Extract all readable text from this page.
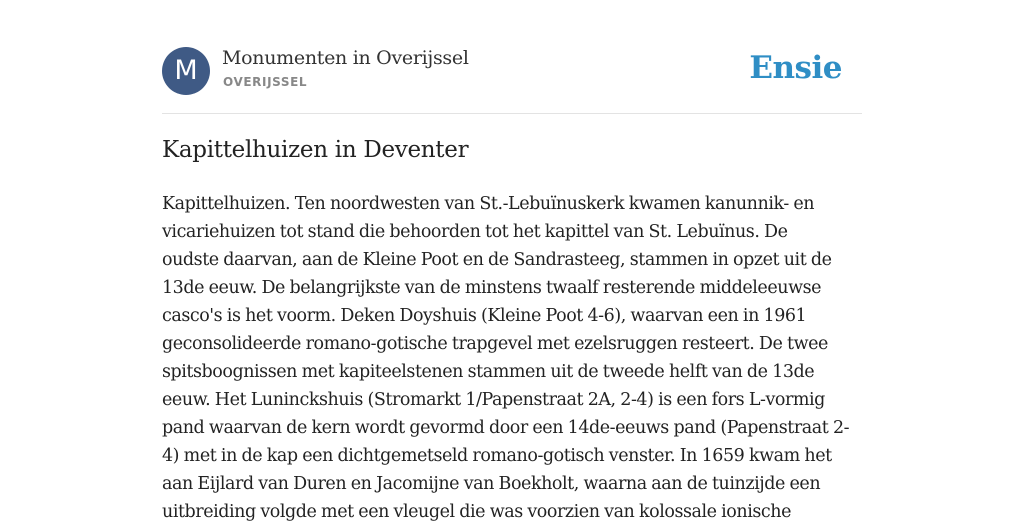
M	Monumenten in Overijssel
OVERIJSSEL	Ensie
Kapittelhuizen in Deventer
Kapittelhuizen. Ten noordwesten van St.-Lebuïnuskerk kwamen kanunnik- en
vicariehuizen tot stand die behoorden tot het kapittel van St. Lebuïnus. De
oudste daarvan, aan de Kleine Poot en de Sandrasteeg, stammen in opzet uit de
13de eeuw. De belangrijkste van de minstens twaalf resterende middeleeuwse
casco's is het voorm. Deken Doyshuis (Kleine Poot 4-6), waarvan een in 1961
geconsolideerde romano-gotische trapgevel met ezelsruggen resteert. De twee
spitsboognissen met kapiteelstenen stammen uit de tweede helft van de 13de
eeuw. Het Luninckshuis (Stromarkt 1/Papenstraat 2A, 2-4) is een fors L-vormig
pand waarvan de kern wordt gevormd door een 14de-eeuws pand (Papenstraat 2-
4) met in de kap een dichtgemetseld romano-gotisch venster. In 1659 kwam het
aan Eijlard van Duren en Jacomijne van Boekholt, waarna aan de tuinzijde een
uitbreiding volgde met een vleugel die was voorzien van kolossale ionische
